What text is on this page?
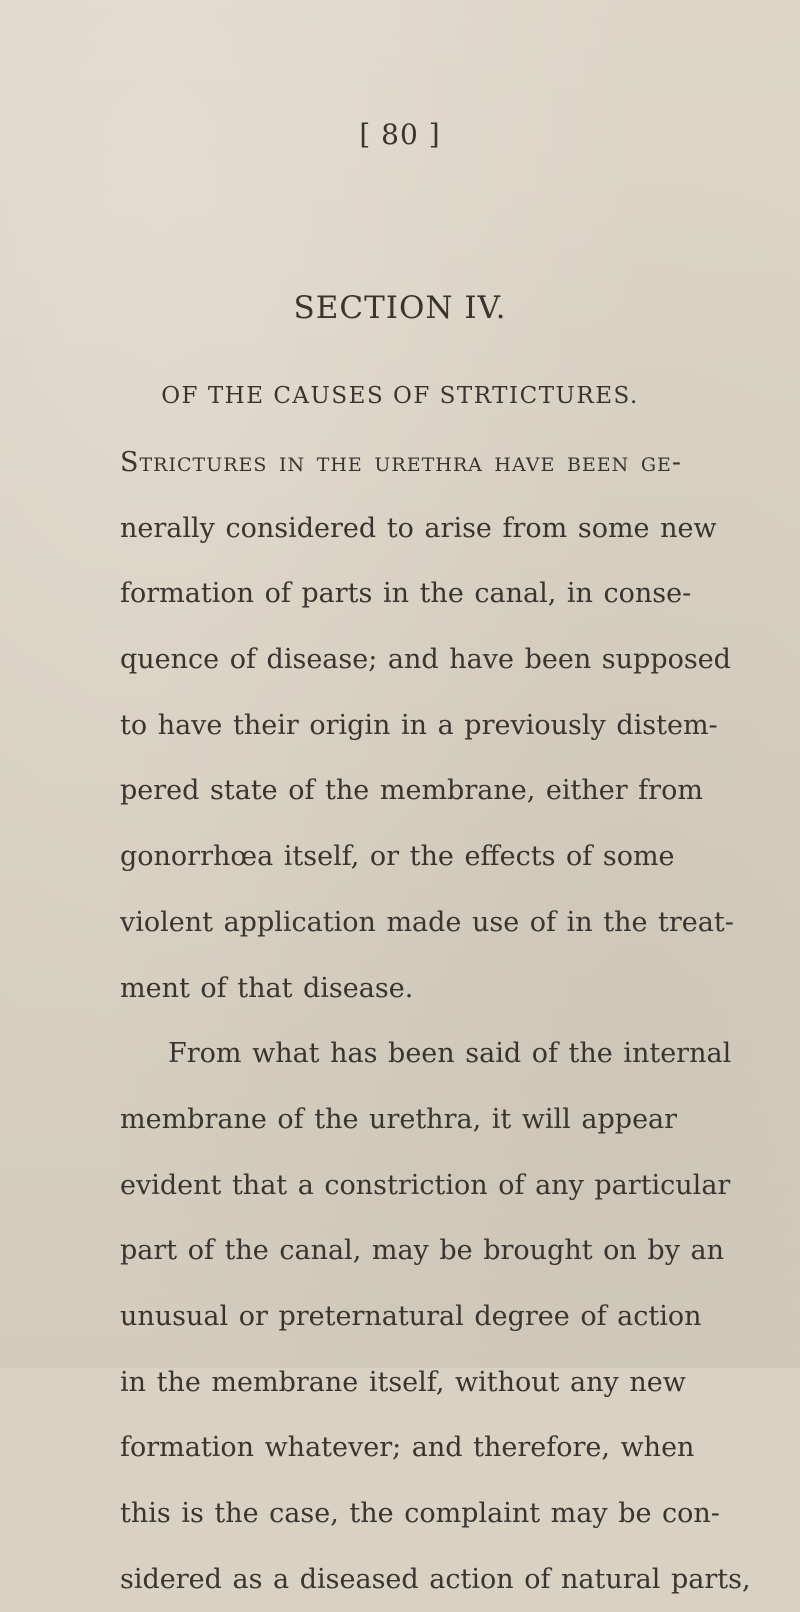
[ 80 ]
SECTION IV.
OF THE CAUSES OF STRTICTURES.
Strictures in the urethra have been ge-
nerally considered to arise from some new
formation of parts in the canal, in conse-
quence of disease; and have been supposed
to have their origin in a previously distem-
pered state of the membrane, either from
gonorrhœa itself, or the effects of some
violent application made use of in the treat-
ment of that disease.
From what has been said of the internal
membrane of the urethra, it will appear
evident that a constriction of any particular
part of the canal, may be brought on by an
unusual or preternatural degree of action
in the membrane itself, without any new
formation whatever; and therefore, when
this is the case, the complaint may be con-
sidered as a diseased action of natural parts,
